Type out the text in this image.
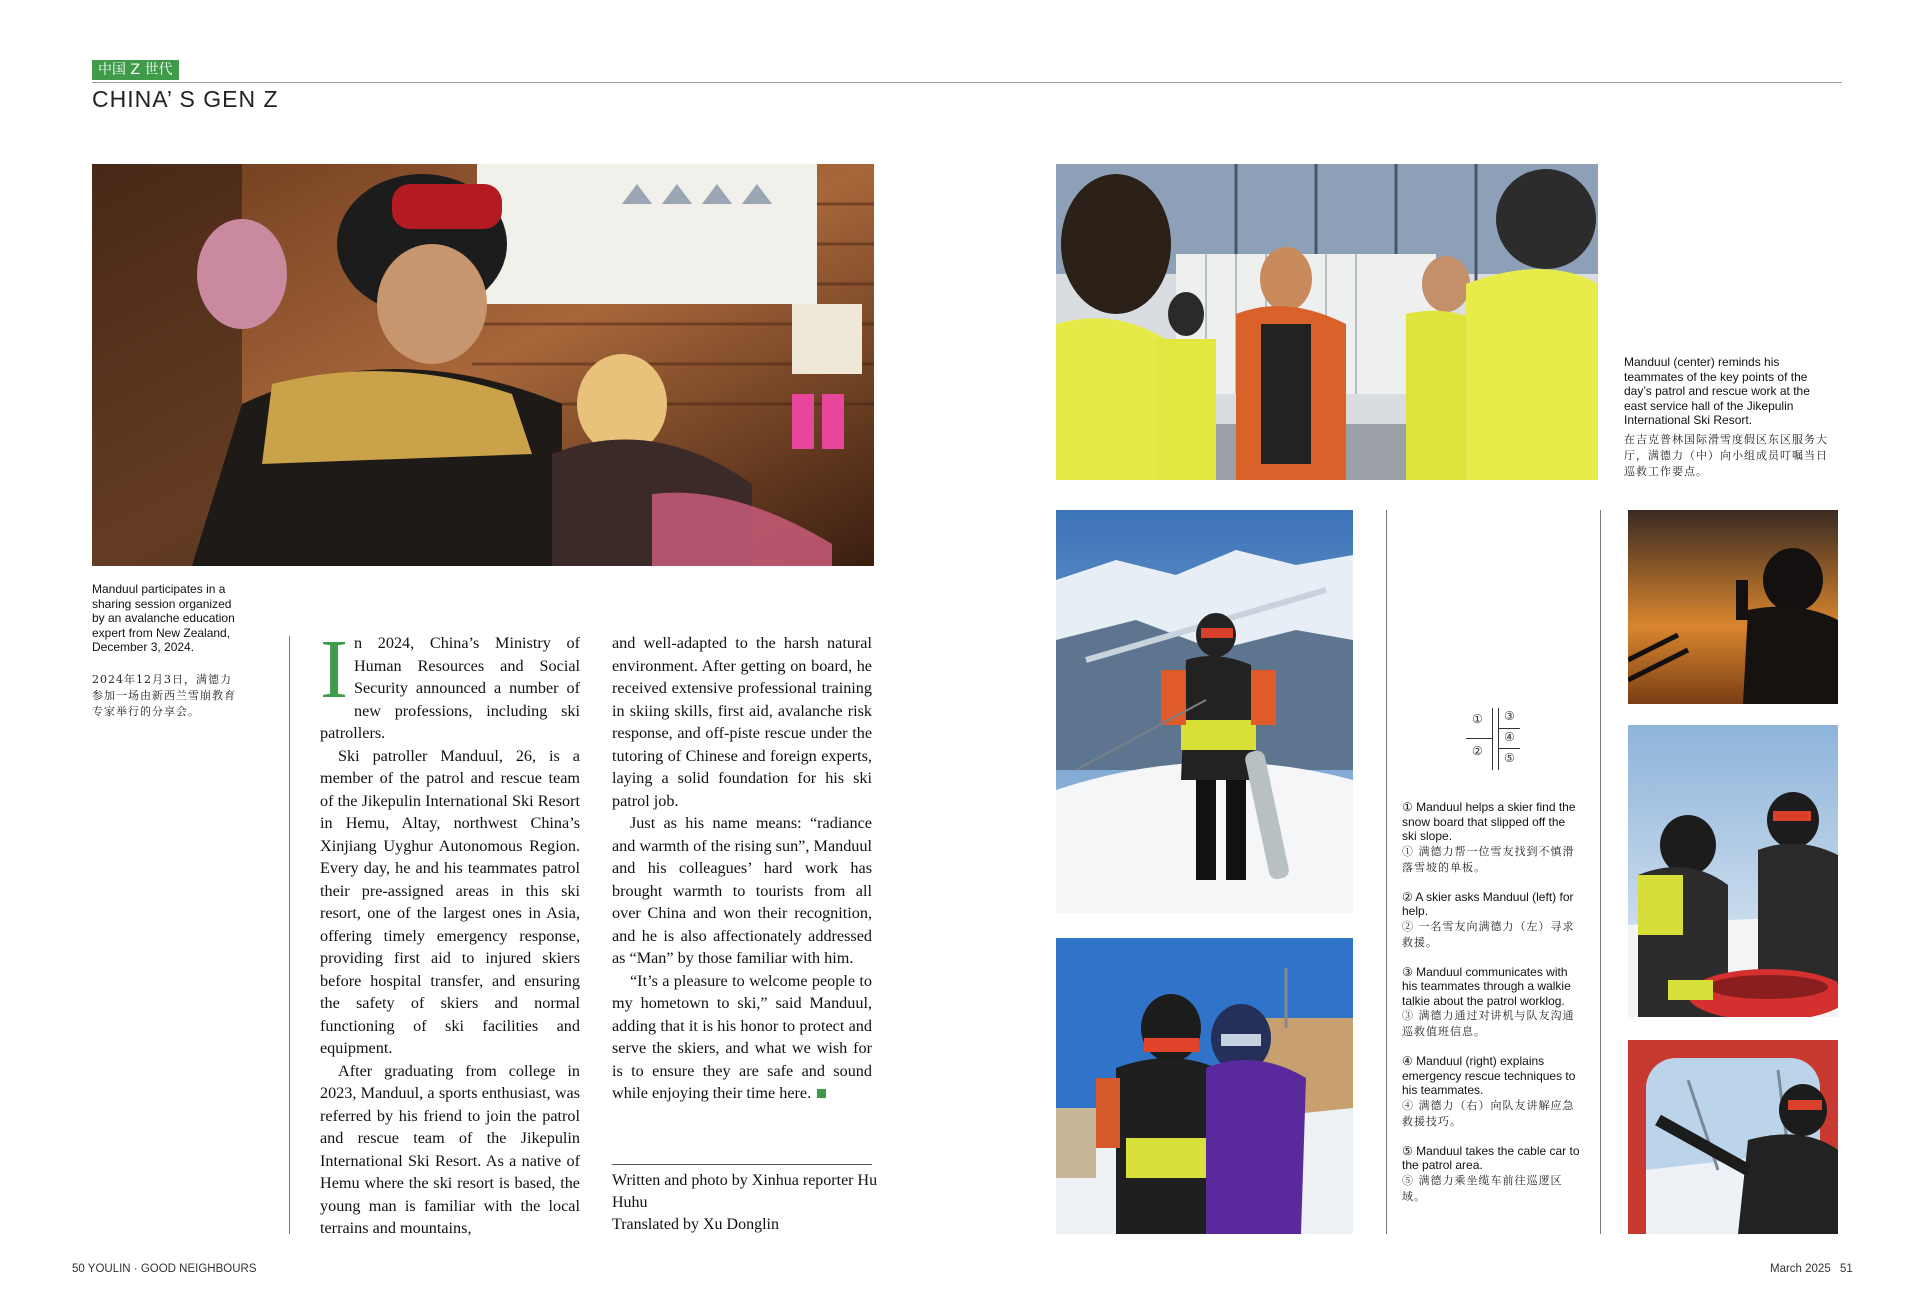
中国 Z 世代
CHINA’ S GEN Z
Manduul participates in a sharing session organized by an avalanche education expert from New Zealand, December 3, 2024.
2024年12月3日，满德力参加一场由新西兰雪崩教育专家举行的分享会。	In 2024, China’s Ministry of Human Resources and Social Security announced a number of new professions, including ski patrollers.

Ski patroller Manduul, 26, is a member of the patrol and rescue team of the Jikepulin International Ski Resort in Hemu, Altay, northwest China’s Xinjiang Uyghur Autonomous Region. Every day, he and his teammates patrol their pre-assigned areas in this ski resort, one of the largest ones in Asia, offering timely emergency response, providing first aid to injured skiers before hospital transfer, and ensuring the safety of skiers and normal functioning of ski facilities and equipment.

After graduating from college in 2023, Manduul, a sports enthusiast, was referred by his friend to join the patrol and rescue team of the Jikepulin International Ski Resort. As a native of Hemu where the ski resort is based, the young man is familiar with the local terrains and mountains,

and well-adapted to the harsh natural environment. After getting on board, he received extensive professional training in skiing skills, first aid, avalanche risk response, and off-piste rescue under the tutoring of Chinese and foreign experts, laying a solid foundation for his ski patrol job.

Just as his name means: “radiance and warmth of the rising sun”, Manduul and his colleagues’ hard work has brought warmth to tourists from all over China and won their recognition, and he is also affectionately addressed as “Man” by those familiar with him.

“It’s a pleasure to welcome people to my hometown to ski,” said Manduul, adding that it is his honor to protect and serve the skiers, and what we wish for is to ensure they are safe and sound while enjoying their time here.

Written and photo by Xinhua reporter Hu Huhu
Translated by Xu Donglin
Manduul (center) reminds his teammates of the key points of the day’s patrol and rescue work at the east service hall of the Jikepulin International Ski Resort.
在吉克普林国际滑雪度假区东区服务大厅，满德力（中）向小组成员叮嘱当日巡救工作要点。
① ③
④
② ⑤
① Manduul helps a skier find the snow board that slipped off the ski slope.
① 满德力帮一位雪友找到不慎滑落雪坡的单板。
② A skier asks Manduul (left) for help.
② 一名雪友向满德力（左）寻求救援。
③ Manduul communicates with his teammates through a walkie talkie about the patrol worklog.
③ 满德力通过对讲机与队友沟通巡救值班信息。
④ Manduul (right) explains emergency rescue techniques to his teammates.
④ 满德力（右）向队友讲解应急救援技巧。
⑤ Manduul takes the cable car to the patrol area.
⑤ 满德力乘坐缆车前往巡逻区域。
50 YOULIN · GOOD NEIGHBOURS	March 2025 51
